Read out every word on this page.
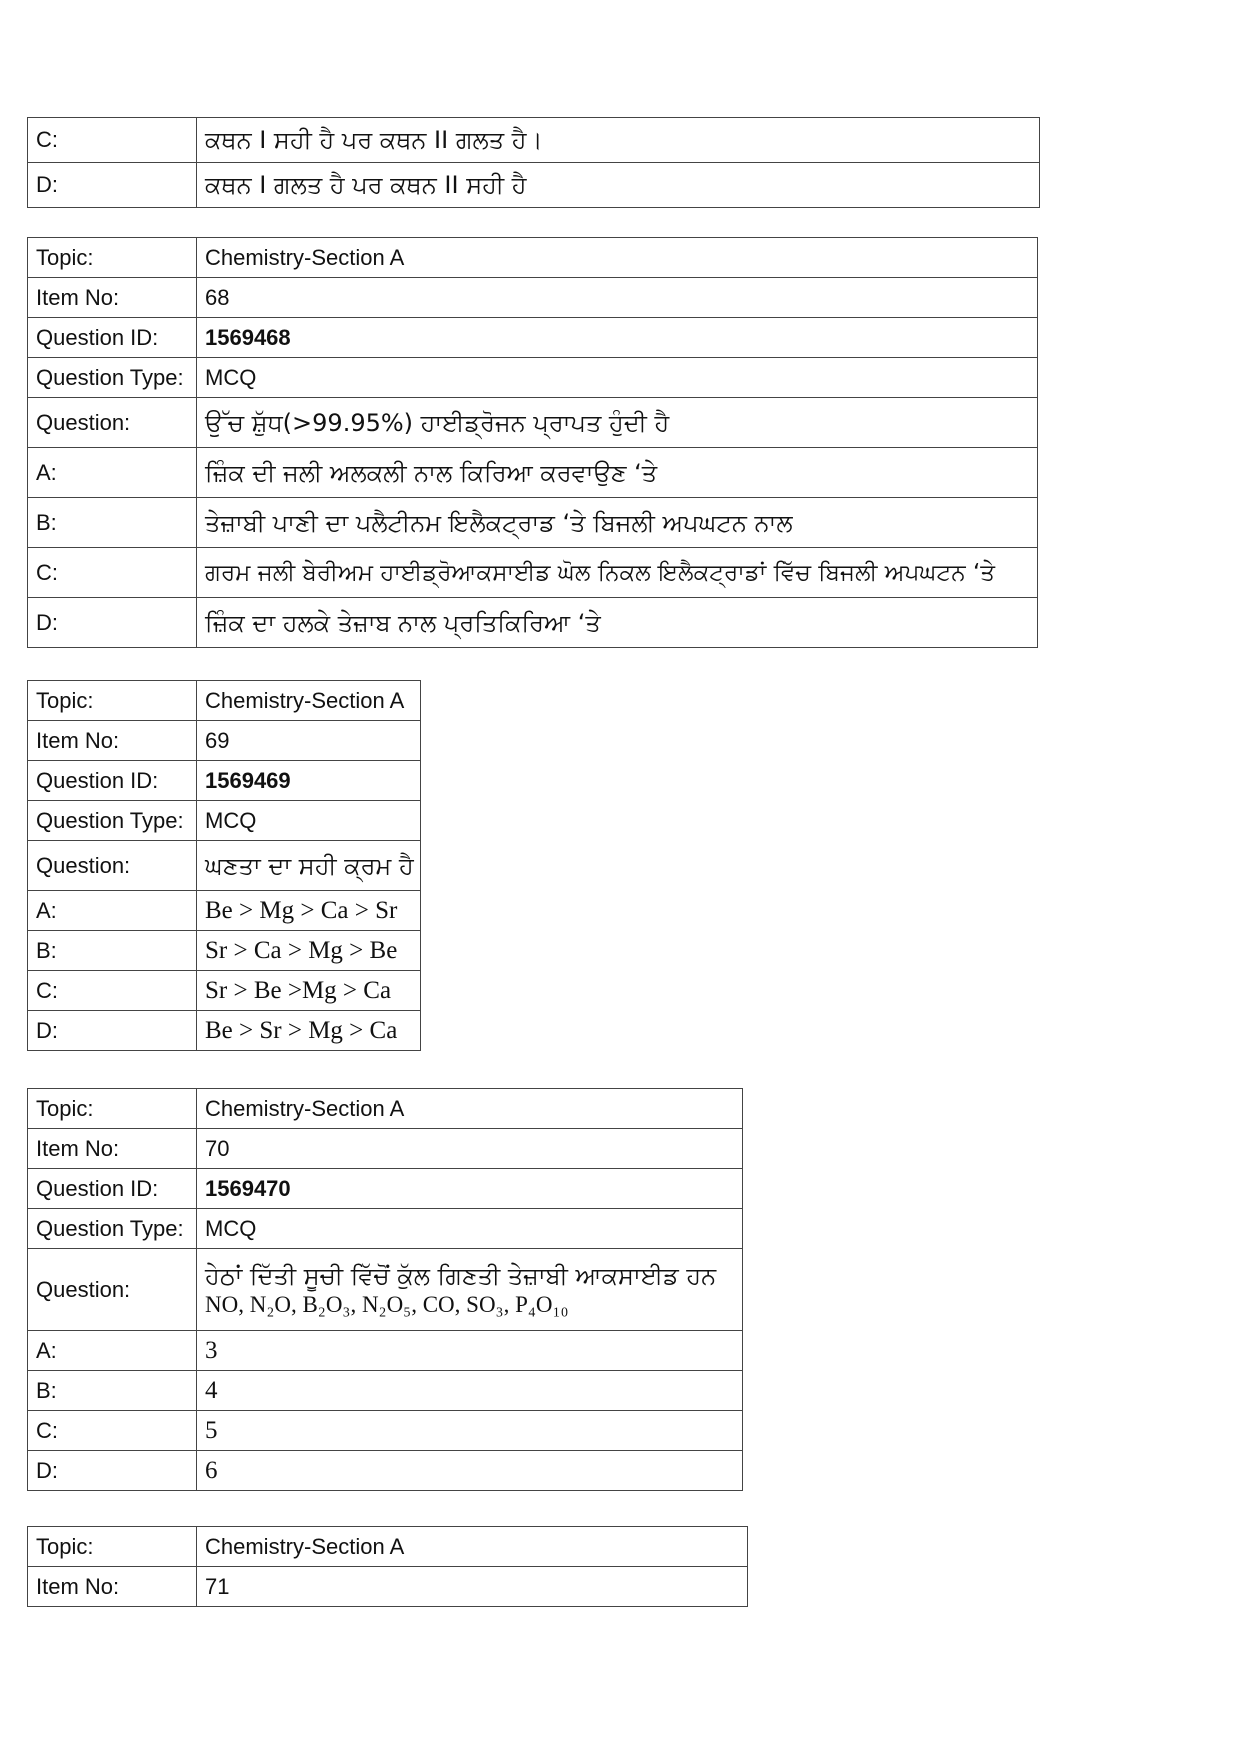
C:	ਕਥਨ I ਸਹੀ ਹੈ ਪਰ ਕਥਨ II ਗਲਤ ਹੈ।
D:	ਕਥਨ I ਗਲਤ ਹੈ ਪਰ ਕਥਨ II ਸਹੀ ਹੈ
Topic:	Chemistry-Section A
Item No:	68
Question ID:	1569468
Question Type:	MCQ
Question:	ਉੱਚ ਸ਼ੁੱਧ(>99.95%) ਹਾਈਡ੍ਰੋਜਨ ਪ੍ਰਾਪਤ ਹੁੰਦੀ ਹੈ
A:	ਜ਼ਿੰਕ ਦੀ ਜਲੀ ਅਲਕਲੀ ਨਾਲ ਕਿਰਿਆ ਕਰਵਾਉਣ ‘ਤੇ
B:	ਤੇਜ਼ਾਬੀ ਪਾਣੀ ਦਾ ਪਲੈਟੀਨਮ ਇਲੈਕਟ੍ਰਾਡ ‘ਤੇ ਬਿਜਲੀ ਅਪਘਟਨ ਨਾਲ
C:	ਗਰਮ ਜਲੀ ਬੇਰੀਅਮ ਹਾਈਡ੍ਰੋਆਕਸਾਈਡ ਘੋਲ ਨਿਕਲ ਇਲੈਕਟ੍ਰਾਡਾਂ ਵਿੱਚ ਬਿਜਲੀ ਅਪਘਟਨ ‘ਤੇ
D:	ਜ਼ਿੰਕ ਦਾ ਹਲਕੇ ਤੇਜ਼ਾਬ ਨਾਲ ਪ੍ਰਤਿਕਿਰਿਆ ‘ਤੇ
Topic:	Chemistry-Section A
Item No:	69
Question ID:	1569469
Question Type:	MCQ
Question:	ਘਣਤਾ ਦਾ ਸਹੀ ਕ੍ਰਮ ਹੈ
A:	Be > Mg > Ca > Sr
B:	Sr > Ca > Mg > Be
C:	Sr > Be >Mg > Ca
D:	Be > Sr > Mg > Ca
Topic:	Chemistry-Section A
Item No:	70
Question ID:	1569470
Question Type:	MCQ
Question:	ਹੇਠਾਂ ਦਿੱਤੀ ਸੂਚੀ ਵਿੱਚੋਂ ਕੁੱਲ ਗਿਣਤੀ ਤੇਜ਼ਾਬੀ ਆਕਸਾਈਡ ਹਨ
NO, N₂O, B₂O₃, N₂O₅, CO, SO₃, P₄O₁₀

A:	3
B:	4
C:	5
D:	6
Topic:	Chemistry-Section A
Item No:	71
